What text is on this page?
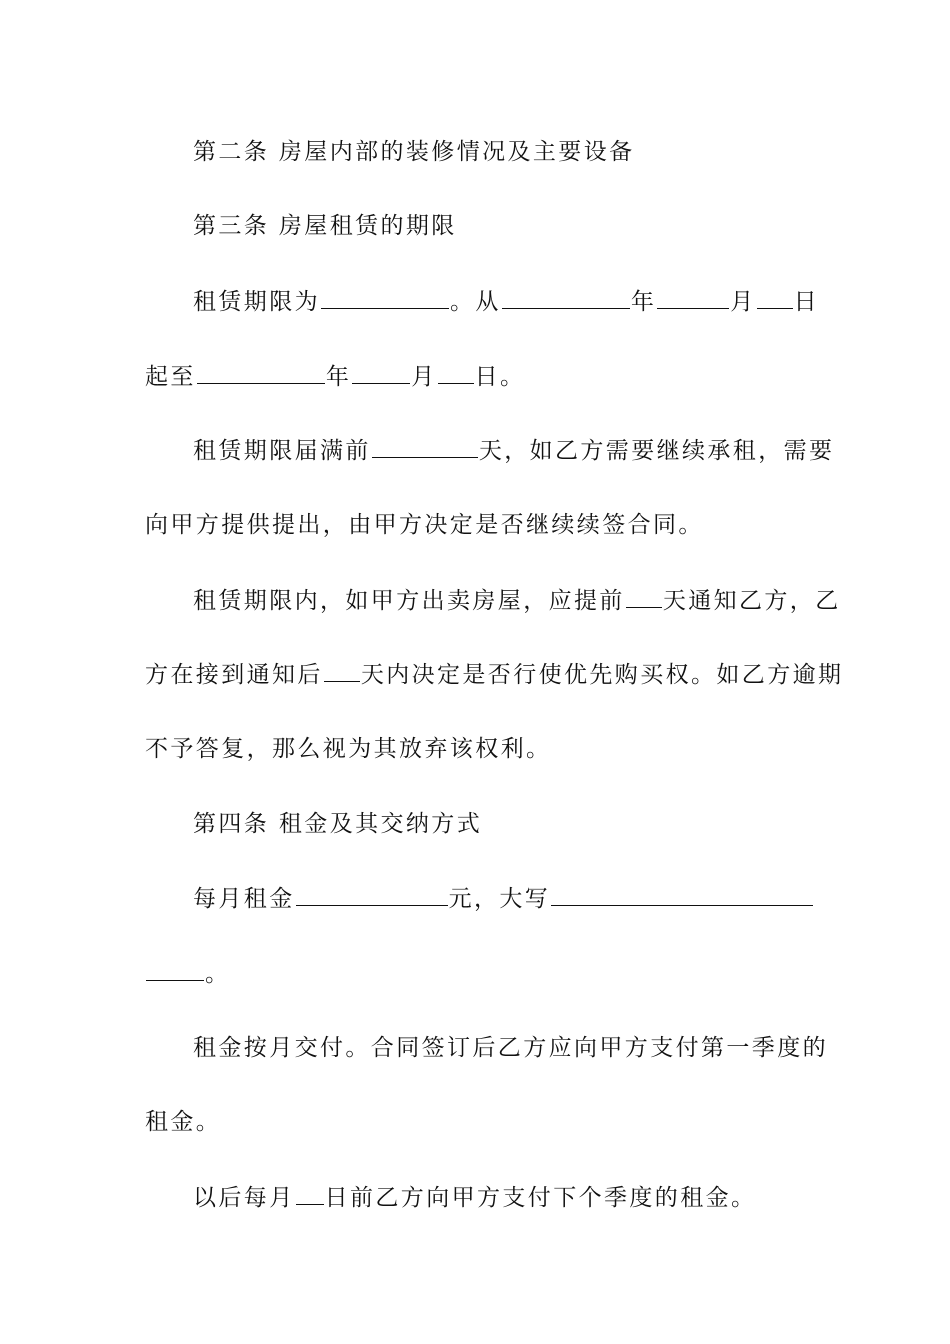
第二条 房屋内部的装修情况及主要设备
第三条 房屋租赁的期限
租赁期限为	。从	年	月 日
起至	年	月 日。
租赁期限届满前	天，如乙方需要继续承租，需要
向甲方提供提出，由甲方决定是否继续续签合同。
租赁期限内，如甲方出卖房屋，应提前 天通知乙方，乙
方在接到通知后 天内决定是否行使优先购买权。如乙方逾期
不予答复，那么视为其放弃该权利。
第四条 租金及其交纳方式
每月租金	元，大写
。
租金按月交付。合同签订后乙方应向甲方支付第一季度的
租金。
以后每月 日前乙方向甲方支付下个季度的租金。
